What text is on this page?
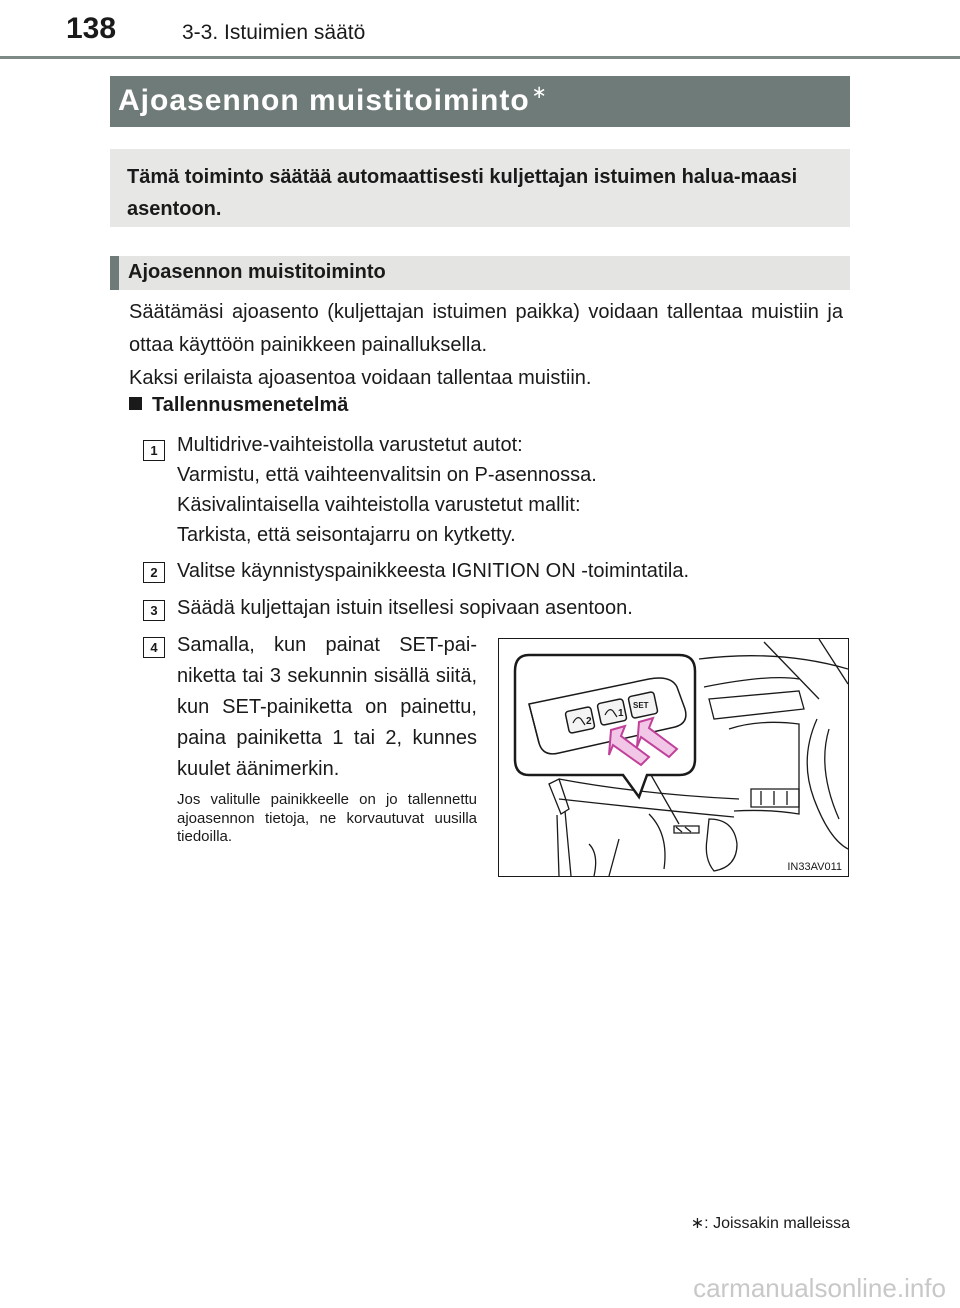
138	3-3. Istuimien säätö
Ajoasennon muistitoiminto ∗
Tämä toiminto säätää automaattisesti kuljettajan istuimen halua-maasi asentoon.
Ajoasennon muistitoiminto
Säätämäsi ajoasento (kuljettajan istuimen paikka) voidaan tallentaa muistiin ja ottaa käyttöön painikkeen painalluksella.
Kaksi erilaista ajoasentoa voidaan tallentaa muistiin.
Tallennusmenetelmä
1 Multidrive-vaihteistolla varustetut autot:
Varmistu, että vaihteenvalitsin on P-asennossa.
Käsivalintaisella vaihteistolla varustetut mallit:
Tarkista, että seisontajarru on kytketty.
2 Valitse käynnistyspainikkeesta IGNITION ON -toimintatila.
3 Säädä kuljettajan istuin itsellesi sopivaan asentoon.
4 Samalla, kun painat SET-pai-niketta tai 3 sekunnin sisällä siitä, kun SET-painiketta on painettu, paina painiketta 1 tai 2, kunnes kuulet äänimerkin.
Jos valitulle painikkeelle on jo tallennettu ajoasennon tietoja, ne korvautuvat uusilla tiedoilla.
2
1
SET
IN33AV011
∗: Joissakin malleissa
carmanualsonline.info
